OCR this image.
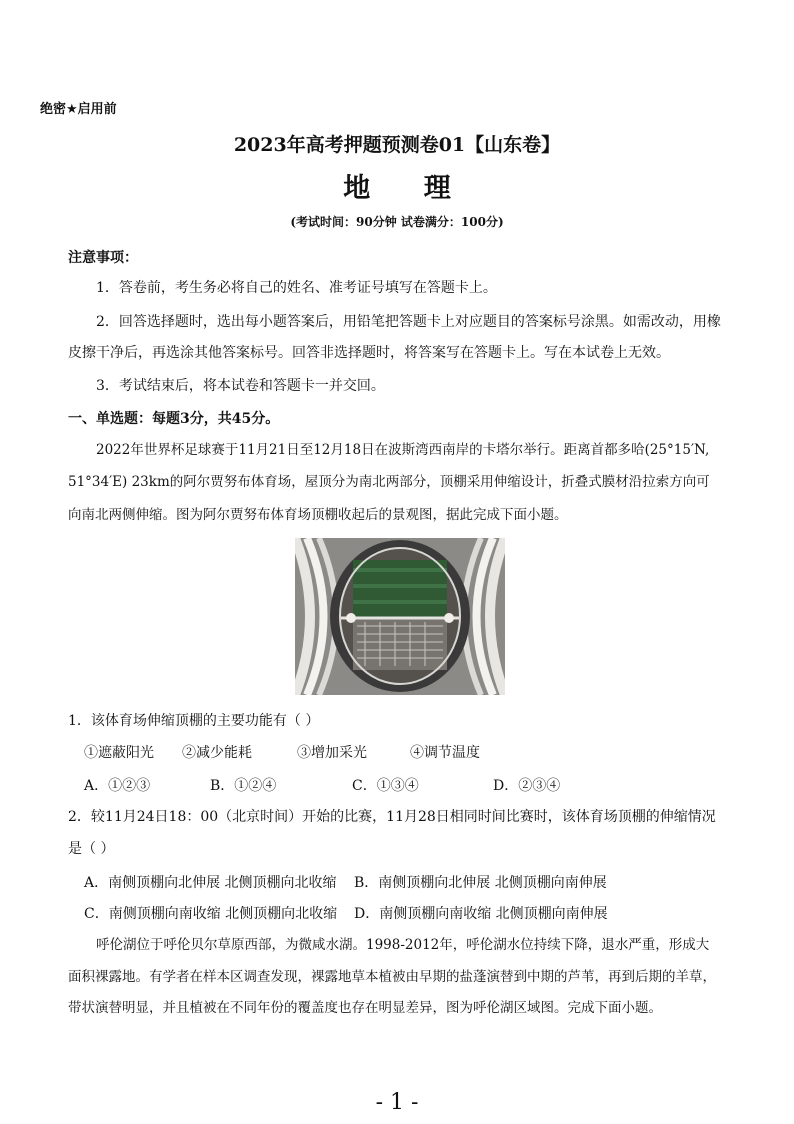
绝密★启用前
2023年高考押题预测卷01【山东卷】
地 理
(考试时间：90分钟 试卷满分：100分)
注意事项：
1．答卷前，考生务必将自己的姓名、准考证号填写在答题卡上。
2．回答选择题时，选出每小题答案后，用铅笔把答题卡上对应题目的答案标号涂黑。如需改动，用橡
皮擦干净后，再选涂其他答案标号。回答非选择题时，将答案写在答题卡上。写在本试卷上无效。
3．考试结束后，将本试卷和答题卡一并交回。
一、单选题：每题3分，共45分。
2022年世界杯足球赛于11月21日至12月18日在波斯湾西南岸的卡塔尔举行。距离首都多哈(25°15′N,
51°34′E) 23km的阿尔贾努布体育场，屋顶分为南北两部分，顶棚采用伸缩设计，折叠式膜材沿拉索方向可
向南北两侧伸缩。图为阿尔贾努布体育场顶棚收起后的景观图，据此完成下面小题。
1．该体育场伸缩顶棚的主要功能有（ ）
①遮蔽阳光 ②减少能耗	③增加采光	④调节温度
A．①②③	B．①②④	C．①③④	D．②③④
2．较11月24日18：00（北京时间）开始的比赛，11月28日相同时间比赛时，该体育场顶棚的伸缩情况
是（ ）
A．南侧顶棚向北伸展 北侧顶棚向北收缩 B．南侧顶棚向北伸展 北侧顶棚向南伸展
C．南侧顶棚向南收缩 北侧顶棚向北收缩 D．南侧顶棚向南收缩 北侧顶棚向南伸展
呼伦湖位于呼伦贝尔草原西部，为微咸水湖。1998-2012年，呼伦湖水位持续下降，退水严重，形成大
面积裸露地。有学者在样本区调查发现，裸露地草本植被由早期的盐蓬演替到中期的芦苇，再到后期的羊草，
带状演替明显，并且植被在不同年份的覆盖度也存在明显差异，图为呼伦湖区域图。完成下面小题。
- 1 -
